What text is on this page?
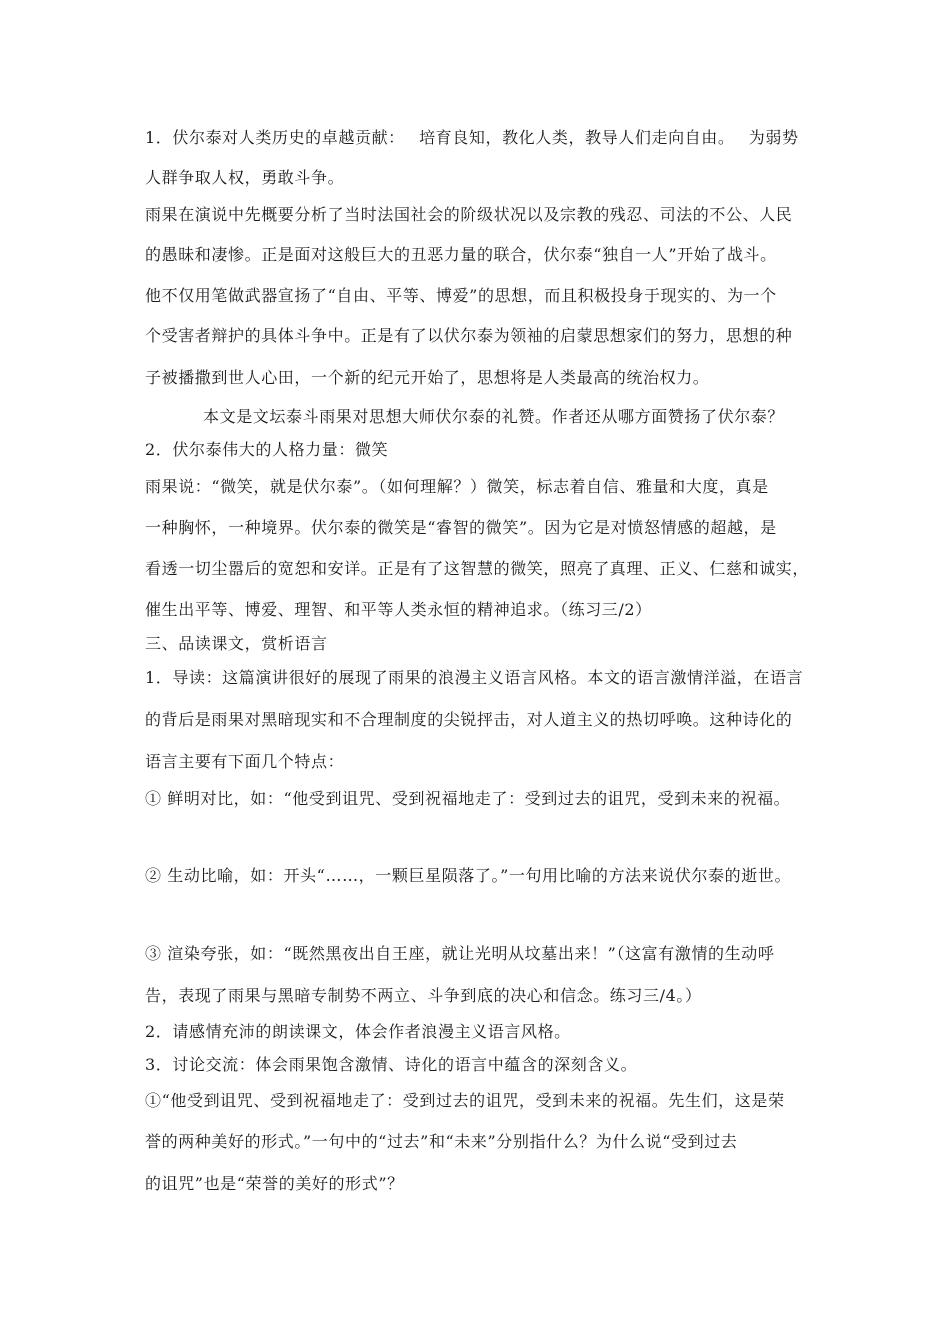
1．伏尔泰对人类历史的卓越贡献：　 培育良知，教化人类，教导人们走向自由。　 为弱势
人群争取人权，勇敢斗争。
雨果在演说中先概要分析了当时法国社会的阶级状况以及宗教的残忍、司法的不公、人民
的愚昧和凄惨。正是面对这般巨大的丑恶力量的联合，伏尔泰“独自一人”开始了战斗。
他不仅用笔做武器宣扬了“自由、平等、博爱”的思想，而且积极投身于现实的、为一个
个受害者辩护的具体斗争中。正是有了以伏尔泰为领袖的启蒙思想家们的努力，思想的种
子被播撒到世人心田，一个新的纪元开始了，思想将是人类最高的统治权力。
本文是文坛泰斗雨果对思想大师伏尔泰的礼赞。作者还从哪方面赞扬了伏尔泰？
2．伏尔泰伟大的人格力量：微笑
雨果说：“微笑，就是伏尔泰”。（如何理解？）微笑，标志着自信、雅量和大度，真是
一种胸怀，一种境界。伏尔泰的微笑是“睿智的微笑”。因为它是对愤怒情感的超越，是
看透一切尘嚣后的宽恕和安详。正是有了这智慧的微笑，照亮了真理、正义、仁慈和诚实，
催生出平等、博爱、理智、和平等人类永恒的精神追求。（练习三/2）
三、品读课文，赏析语言
1．导读：这篇演讲很好的展现了雨果的浪漫主义语言风格。本文的语言激情洋溢，在语言
的背后是雨果对黑暗现实和不合理制度的尖锐抨击，对人道主义的热切呼唤。这种诗化的
语言主要有下面几个特点：
① 鲜明对比，如：“他受到诅咒、受到祝福地走了：受到过去的诅咒，受到未来的祝福。
② 生动比喻，如：开头“……，一颗巨星陨落了。”一句用比喻的方法来说伏尔泰的逝世。
③ 渲染夸张，如：“既然黑夜出自王座，就让光明从坟墓出来！”（这富有激情的生动呼
告，表现了雨果与黑暗专制势不两立、斗争到底的决心和信念。练习三/4。）
2．请感情充沛的朗读课文，体会作者浪漫主义语言风格。
3．讨论交流：体会雨果饱含激情、诗化的语言中蕴含的深刻含义。
①“他受到诅咒、受到祝福地走了：受到过去的诅咒，受到未来的祝福。先生们，这是荣
誉的两种美好的形式。”一句中的“过去”和“未来”分别指什么？为什么说“受到过去
的诅咒”也是“荣誉的美好的形式”？
